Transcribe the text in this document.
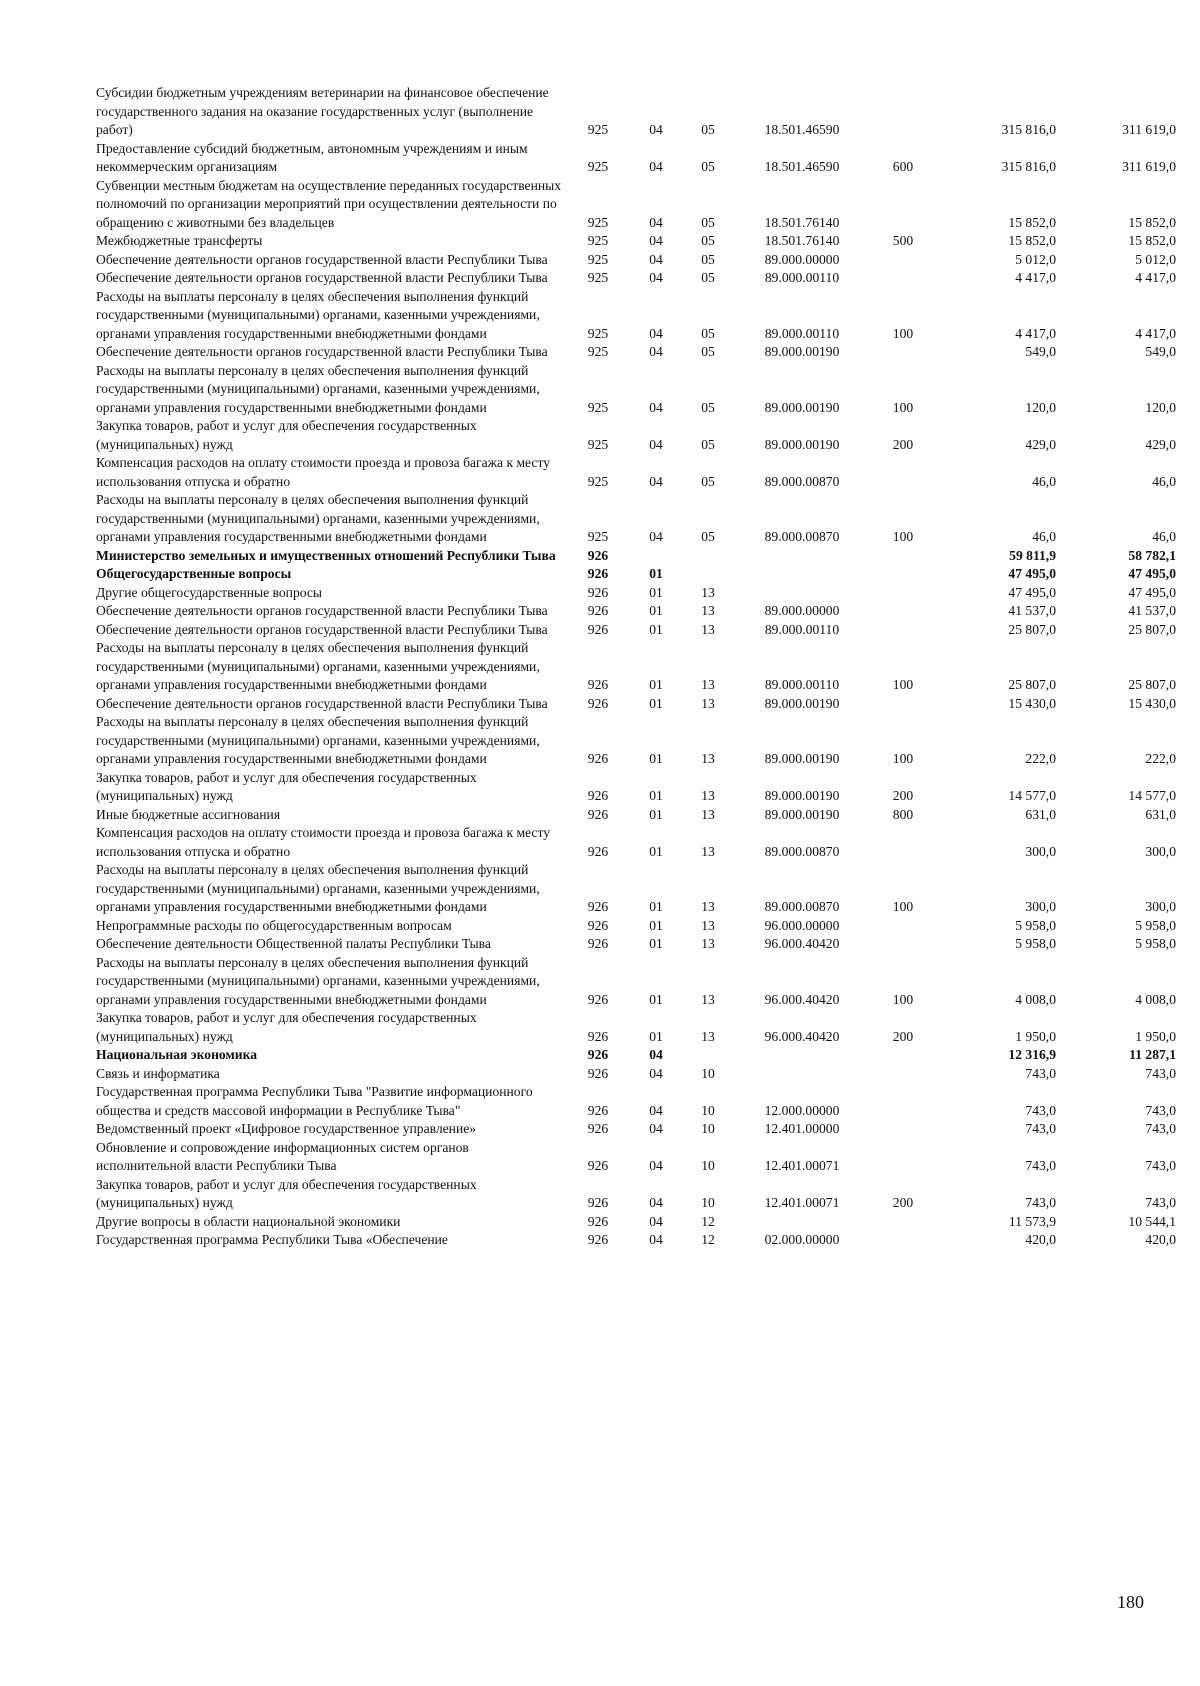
Субсидии бюджетным учреждениям ветеринарии на финансовое обеспечение государственного задания на оказание государственных услуг (выполнение работ)	925	04	05	18.501.46590		315 816,0	311 619,0
Предоставление субсидий бюджетным, автономным учреждениям и иным некоммерческим организациям	925	04	05	18.501.46590	600	315 816,0	311 619,0
Субвенции местным бюджетам на осуществление переданных государственных полномочий по организации мероприятий при осуществлении деятельности по обращению с животными без владельцев	925	04	05	18.501.76140		15 852,0	15 852,0
Межбюджетные трансферты	925	04	05	18.501.76140	500	15 852,0	15 852,0
Обеспечение деятельности органов государственной власти Республики Тыва	925	04	05	89.000.00000		5 012,0	5 012,0
Обеспечение деятельности органов государственной власти Республики Тыва	925	04	05	89.000.00110		4 417,0	4 417,0
Расходы на выплаты персоналу в целях обеспечения выполнения функций государственными (муниципальными) органами, казенными учреждениями, органами управления государственными внебюджетными фондами	925	04	05	89.000.00110	100	4 417,0	4 417,0
Обеспечение деятельности органов государственной власти Республики Тыва	925	04	05	89.000.00190		549,0	549,0
Расходы на выплаты персоналу в целях обеспечения выполнения функций государственными (муниципальными) органами, казенными учреждениями, органами управления государственными внебюджетными фондами	925	04	05	89.000.00190	100	120,0	120,0
Закупка товаров, работ и услуг для обеспечения государственных (муниципальных) нужд	925	04	05	89.000.00190	200	429,0	429,0
Компенсация расходов на оплату стоимости проезда и провоза багажа к месту использования отпуска и обратно	925	04	05	89.000.00870		46,0	46,0
Расходы на выплаты персоналу в целях обеспечения выполнения функций государственными (муниципальными) органами, казенными учреждениями, органами управления государственными внебюджетными фондами	925	04	05	89.000.00870	100	46,0	46,0
Министерство земельных и имущественных отношений Республики Тыва	926					59 811,9	58 782,1
Общегосударственные вопросы	926	01				47 495,0	47 495,0
Другие общегосударственные вопросы	926	01	13			47 495,0	47 495,0
Обеспечение деятельности органов государственной власти Республики Тыва	926	01	13	89.000.00000		41 537,0	41 537,0
Обеспечение деятельности органов государственной власти Республики Тыва	926	01	13	89.000.00110		25 807,0	25 807,0
Расходы на выплаты персоналу в целях обеспечения выполнения функций государственными (муниципальными) органами, казенными учреждениями, органами управления государственными внебюджетными фондами	926	01	13	89.000.00110	100	25 807,0	25 807,0
Обеспечение деятельности органов государственной власти Республики Тыва	926	01	13	89.000.00190		15 430,0	15 430,0
Расходы на выплаты персоналу в целях обеспечения выполнения функций государственными (муниципальными) органами, казенными учреждениями, органами управления государственными внебюджетными фондами	926	01	13	89.000.00190	100	222,0	222,0
Закупка товаров, работ и услуг для обеспечения государственных (муниципальных) нужд	926	01	13	89.000.00190	200	14 577,0	14 577,0
Иные бюджетные ассигнования	926	01	13	89.000.00190	800	631,0	631,0
Компенсация расходов на оплату стоимости проезда и провоза багажа к месту использования отпуска и обратно	926	01	13	89.000.00870		300,0	300,0
Расходы на выплаты персоналу в целях обеспечения выполнения функций государственными (муниципальными) органами, казенными учреждениями, органами управления государственными внебюджетными фондами	926	01	13	89.000.00870	100	300,0	300,0
Непрограммные расходы по общегосударственным вопросам	926	01	13	96.000.00000		5 958,0	5 958,0
Обеспечение деятельности Общественной палаты Республики Тыва	926	01	13	96.000.40420		5 958,0	5 958,0
Расходы на выплаты персоналу в целях обеспечения выполнения функций государственными (муниципальными) органами, казенными учреждениями, органами управления государственными внебюджетными фондами	926	01	13	96.000.40420	100	4 008,0	4 008,0
Закупка товаров, работ и услуг для обеспечения государственных (муниципальных) нужд	926	01	13	96.000.40420	200	1 950,0	1 950,0
Национальная экономика	926	04				12 316,9	11 287,1
Связь и информатика	926	04	10			743,0	743,0
Государственная программа Республики Тыва "Развитие информационного общества и средств массовой информации в Республике Тыва"	926	04	10	12.000.00000		743,0	743,0
Ведомственный проект «Цифровое государственное управление»	926	04	10	12.401.00000		743,0	743,0
Обновление и сопровождение информационных систем органов исполнительной власти Республики Тыва	926	04	10	12.401.00071		743,0	743,0
Закупка товаров, работ и услуг для обеспечения государственных (муниципальных) нужд	926	04	10	12.401.00071	200	743,0	743,0
Другие вопросы в области национальной экономики	926	04	12			11 573,9	10 544,1
Государственная программа Республики Тыва «Обеспечение	926	04	12	02.000.00000		420,0	420,0
180
